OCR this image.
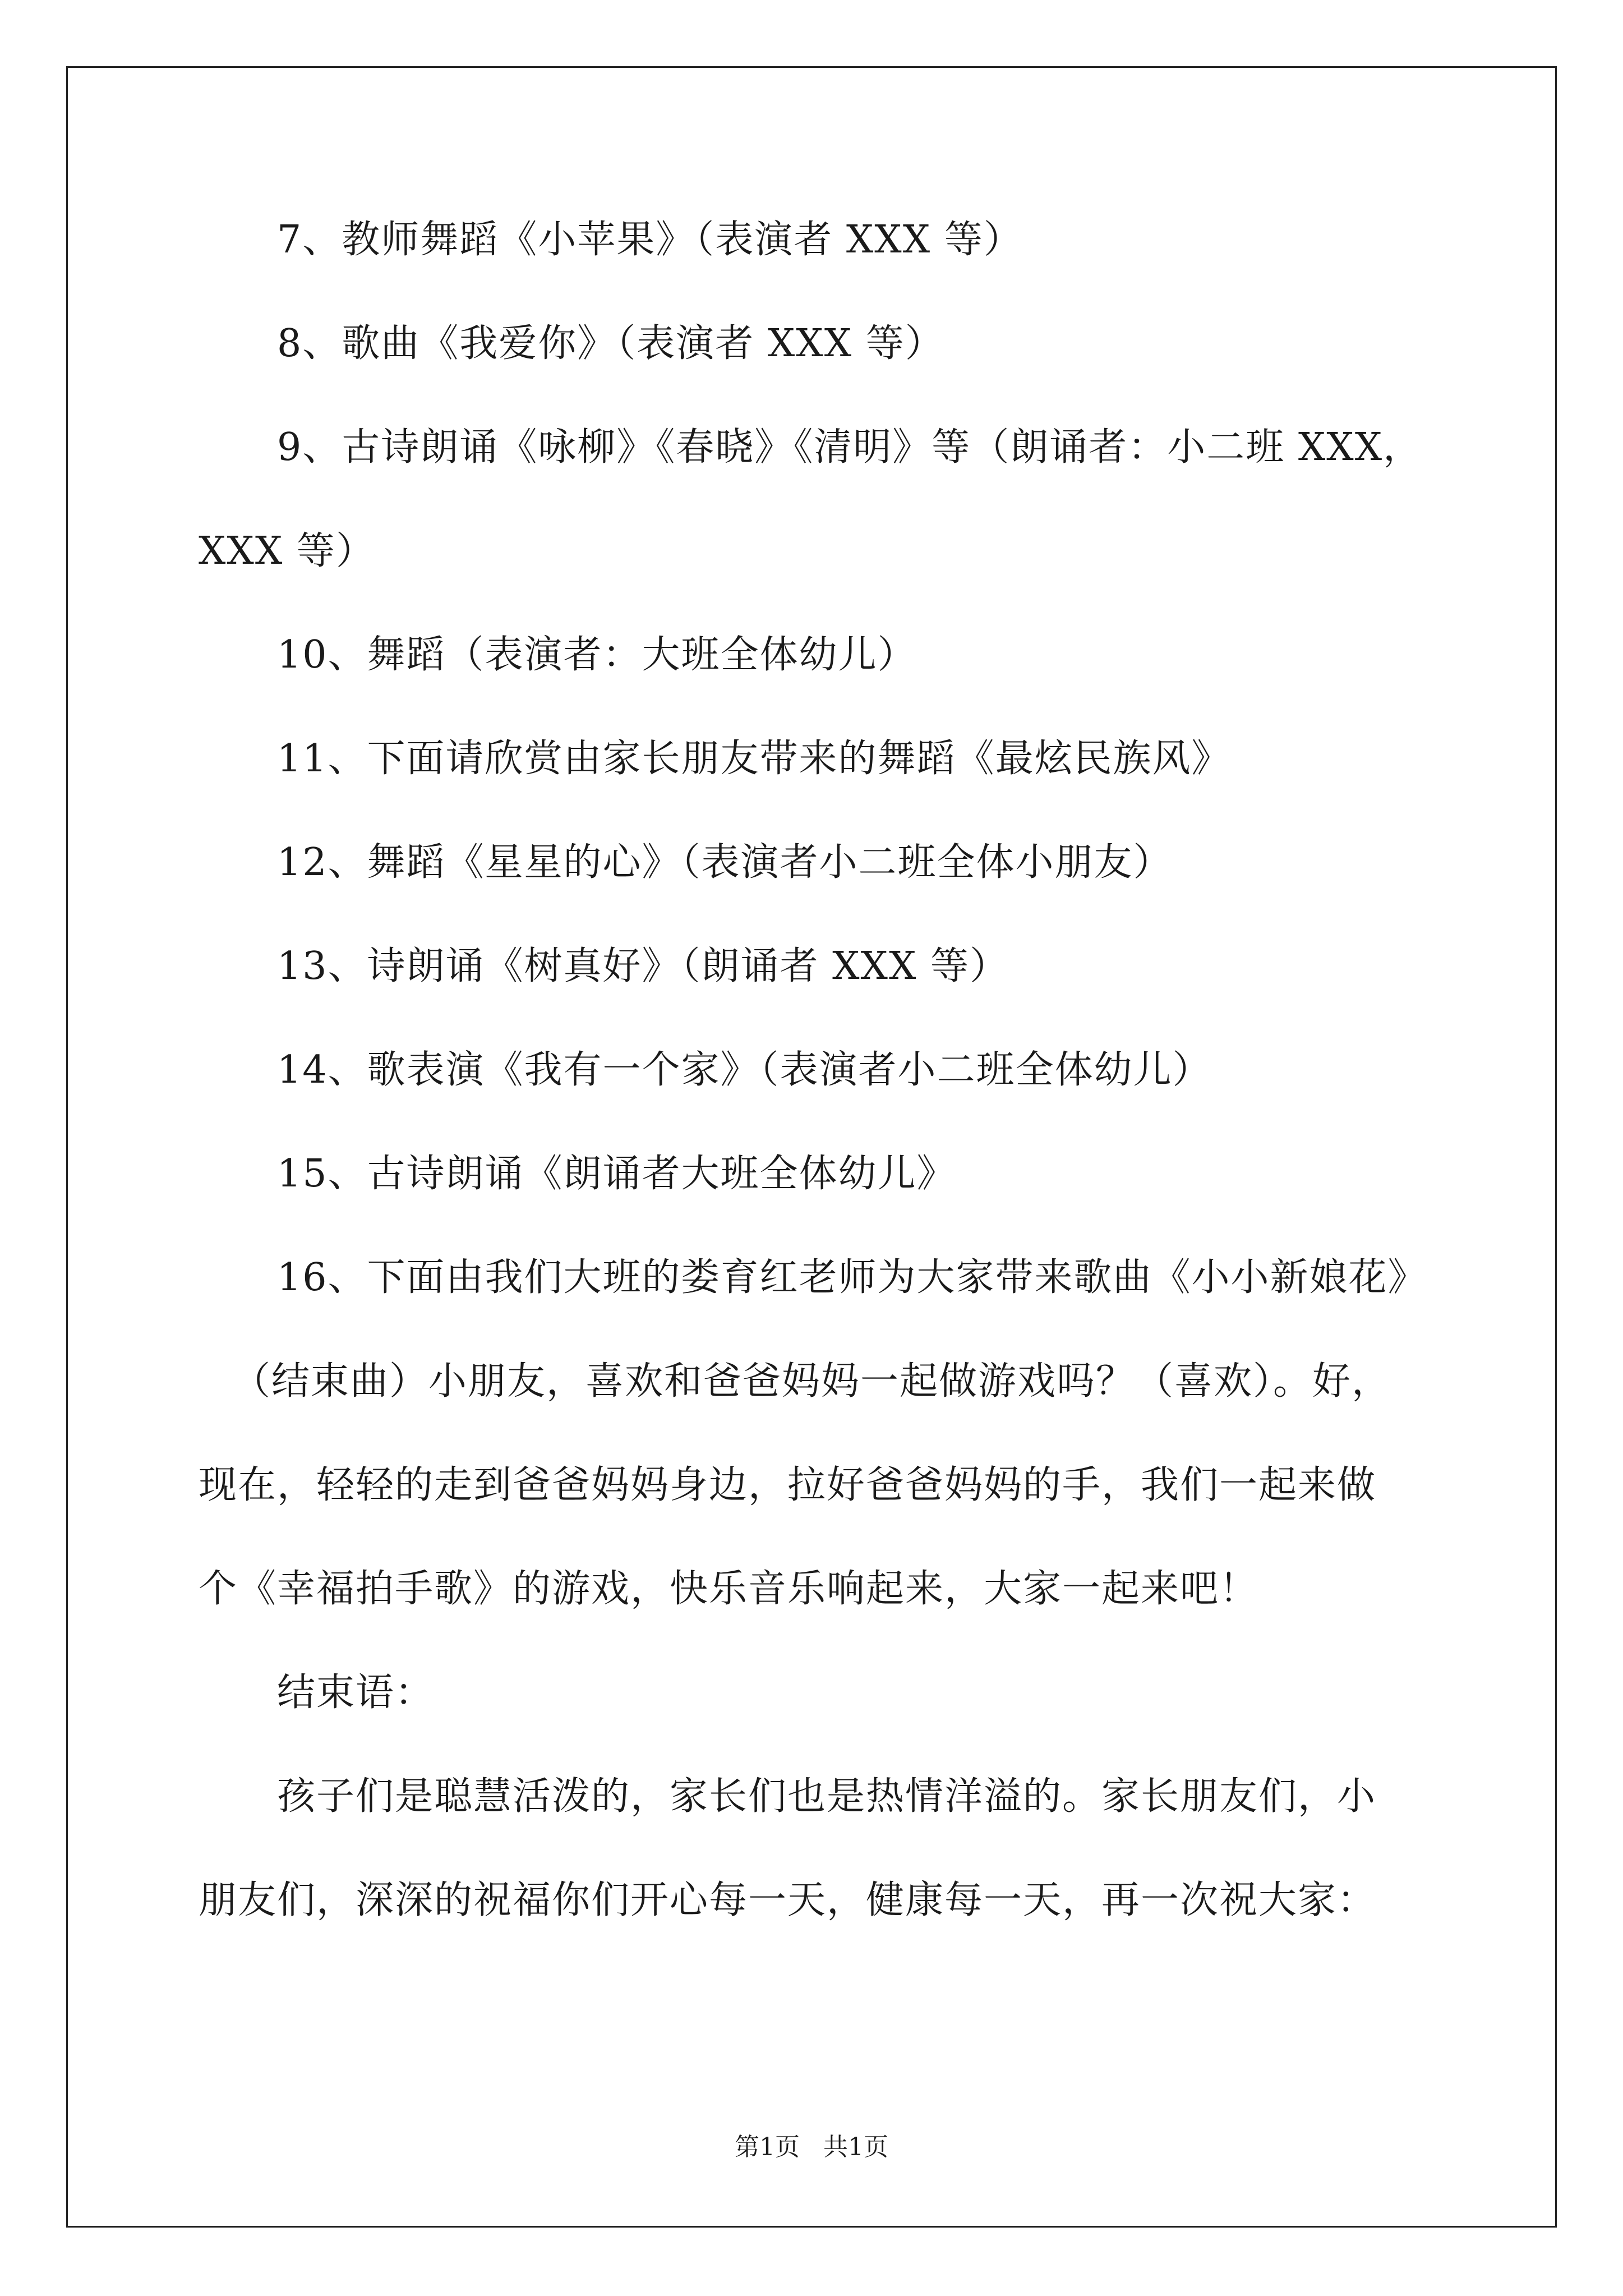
7、教师舞蹈《小苹果》（表演者 XXX 等）
8、歌曲《我爱你》（表演者 XXX 等）
9、古诗朗诵《咏柳》《春晓》《清明》等（朗诵者：小二班 XXX，
XXX 等）
10、舞蹈（表演者：大班全体幼儿）
11、下面请欣赏由家长朋友带来的舞蹈《最炫民族风》
12、舞蹈《星星的心》（表演者小二班全体小朋友）
13、诗朗诵《树真好》（朗诵者 XXX 等）
14、歌表演《我有一个家》（表演者小二班全体幼儿）
15、古诗朗诵《朗诵者大班全体幼儿》
16、下面由我们大班的娄育红老师为大家带来歌曲《小小新娘花》
（结束曲）小朋友，喜欢和爸爸妈妈一起做游戏吗？（喜欢）。好，
现在，轻轻的走到爸爸妈妈身边，拉好爸爸妈妈的手，我们一起来做
个《幸福拍手歌》的游戏，快乐音乐响起来，大家一起来吧！
结束语：
孩子们是聪慧活泼的，家长们也是热情洋溢的。家长朋友们，小
朋友们，深深的祝福你们开心每一天，健康每一天，再一次祝大家：
第1页   共1页
